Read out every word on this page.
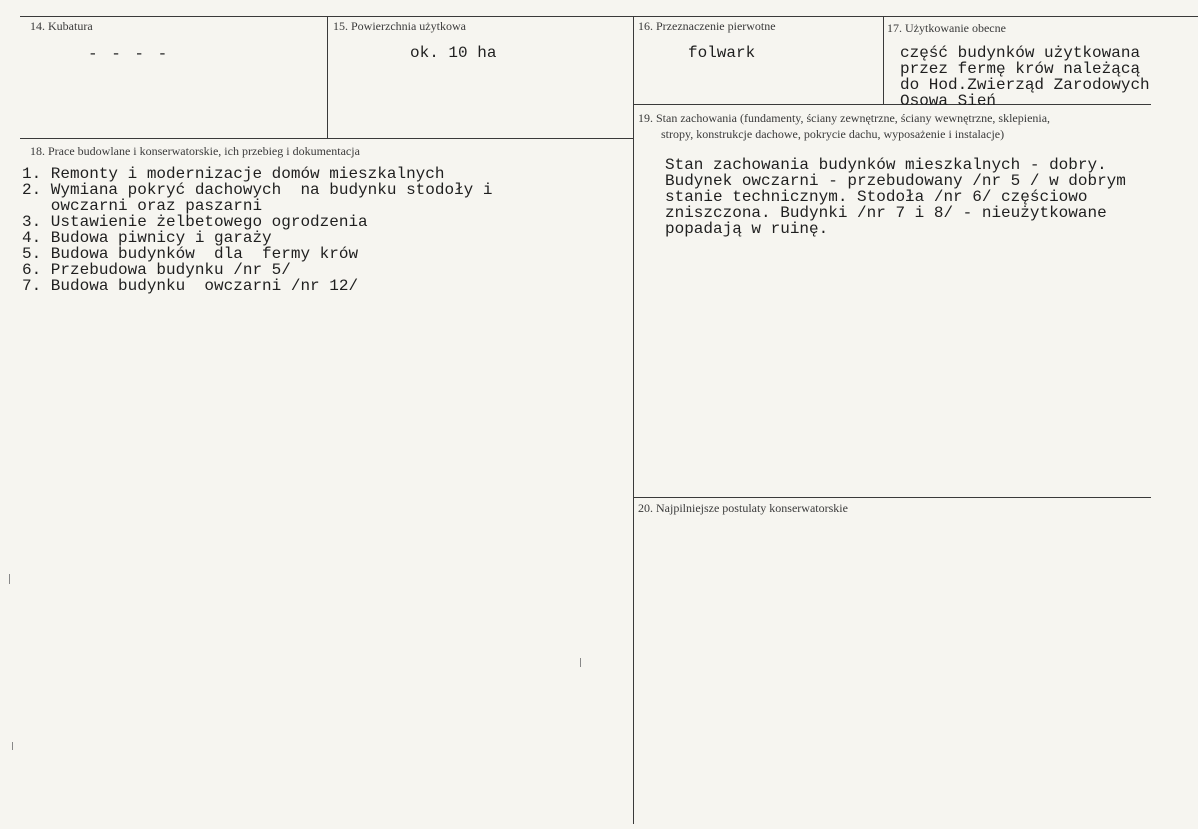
14. Kubatura
- - - -
15. Powierzchnia użytkowa
ok. 10 ha
16. Przeznaczenie pierwotne
folwark
17. Użytkowanie obecne
część budynków użytkowana
przez fermę krów należącą
do Hod.Zwierząd Zarodowych
Osowa Sień
18. Prace budowlane i konserwatorskie, ich przebieg i dokumentacja
1. Remonty i modernizacje domów mieszkalnych
2. Wymiana pokryć dachowych  na budynku stodoły i
owczarni oraz paszarni
3. Ustawienie żelbetowego ogrodzenia
4. Budowa piwnicy i garaży
5. Budowa budynków  dla  fermy krów
6. Przebudowa budynku /nr 5/
7. Budowa budynku  owczarni /nr 12/
19. Stan zachowania (fundamenty, ściany zewnętrzne, ściany wewnętrzne, sklepienia,
stropy, konstrukcje dachowe, pokrycie dachu, wyposażenie i instalacje)
Stan zachowania budynków mieszkalnych - dobry.
Budynek owczarni - przebudowany /nr 5 / w dobrym
stanie technicznym. Stodoła /nr 6/ częściowo
zniszczona. Budynki /nr 7 i 8/ - nieużytkowane
popadają w ruinę.
20. Najpilniejsze postulaty konserwatorskie
